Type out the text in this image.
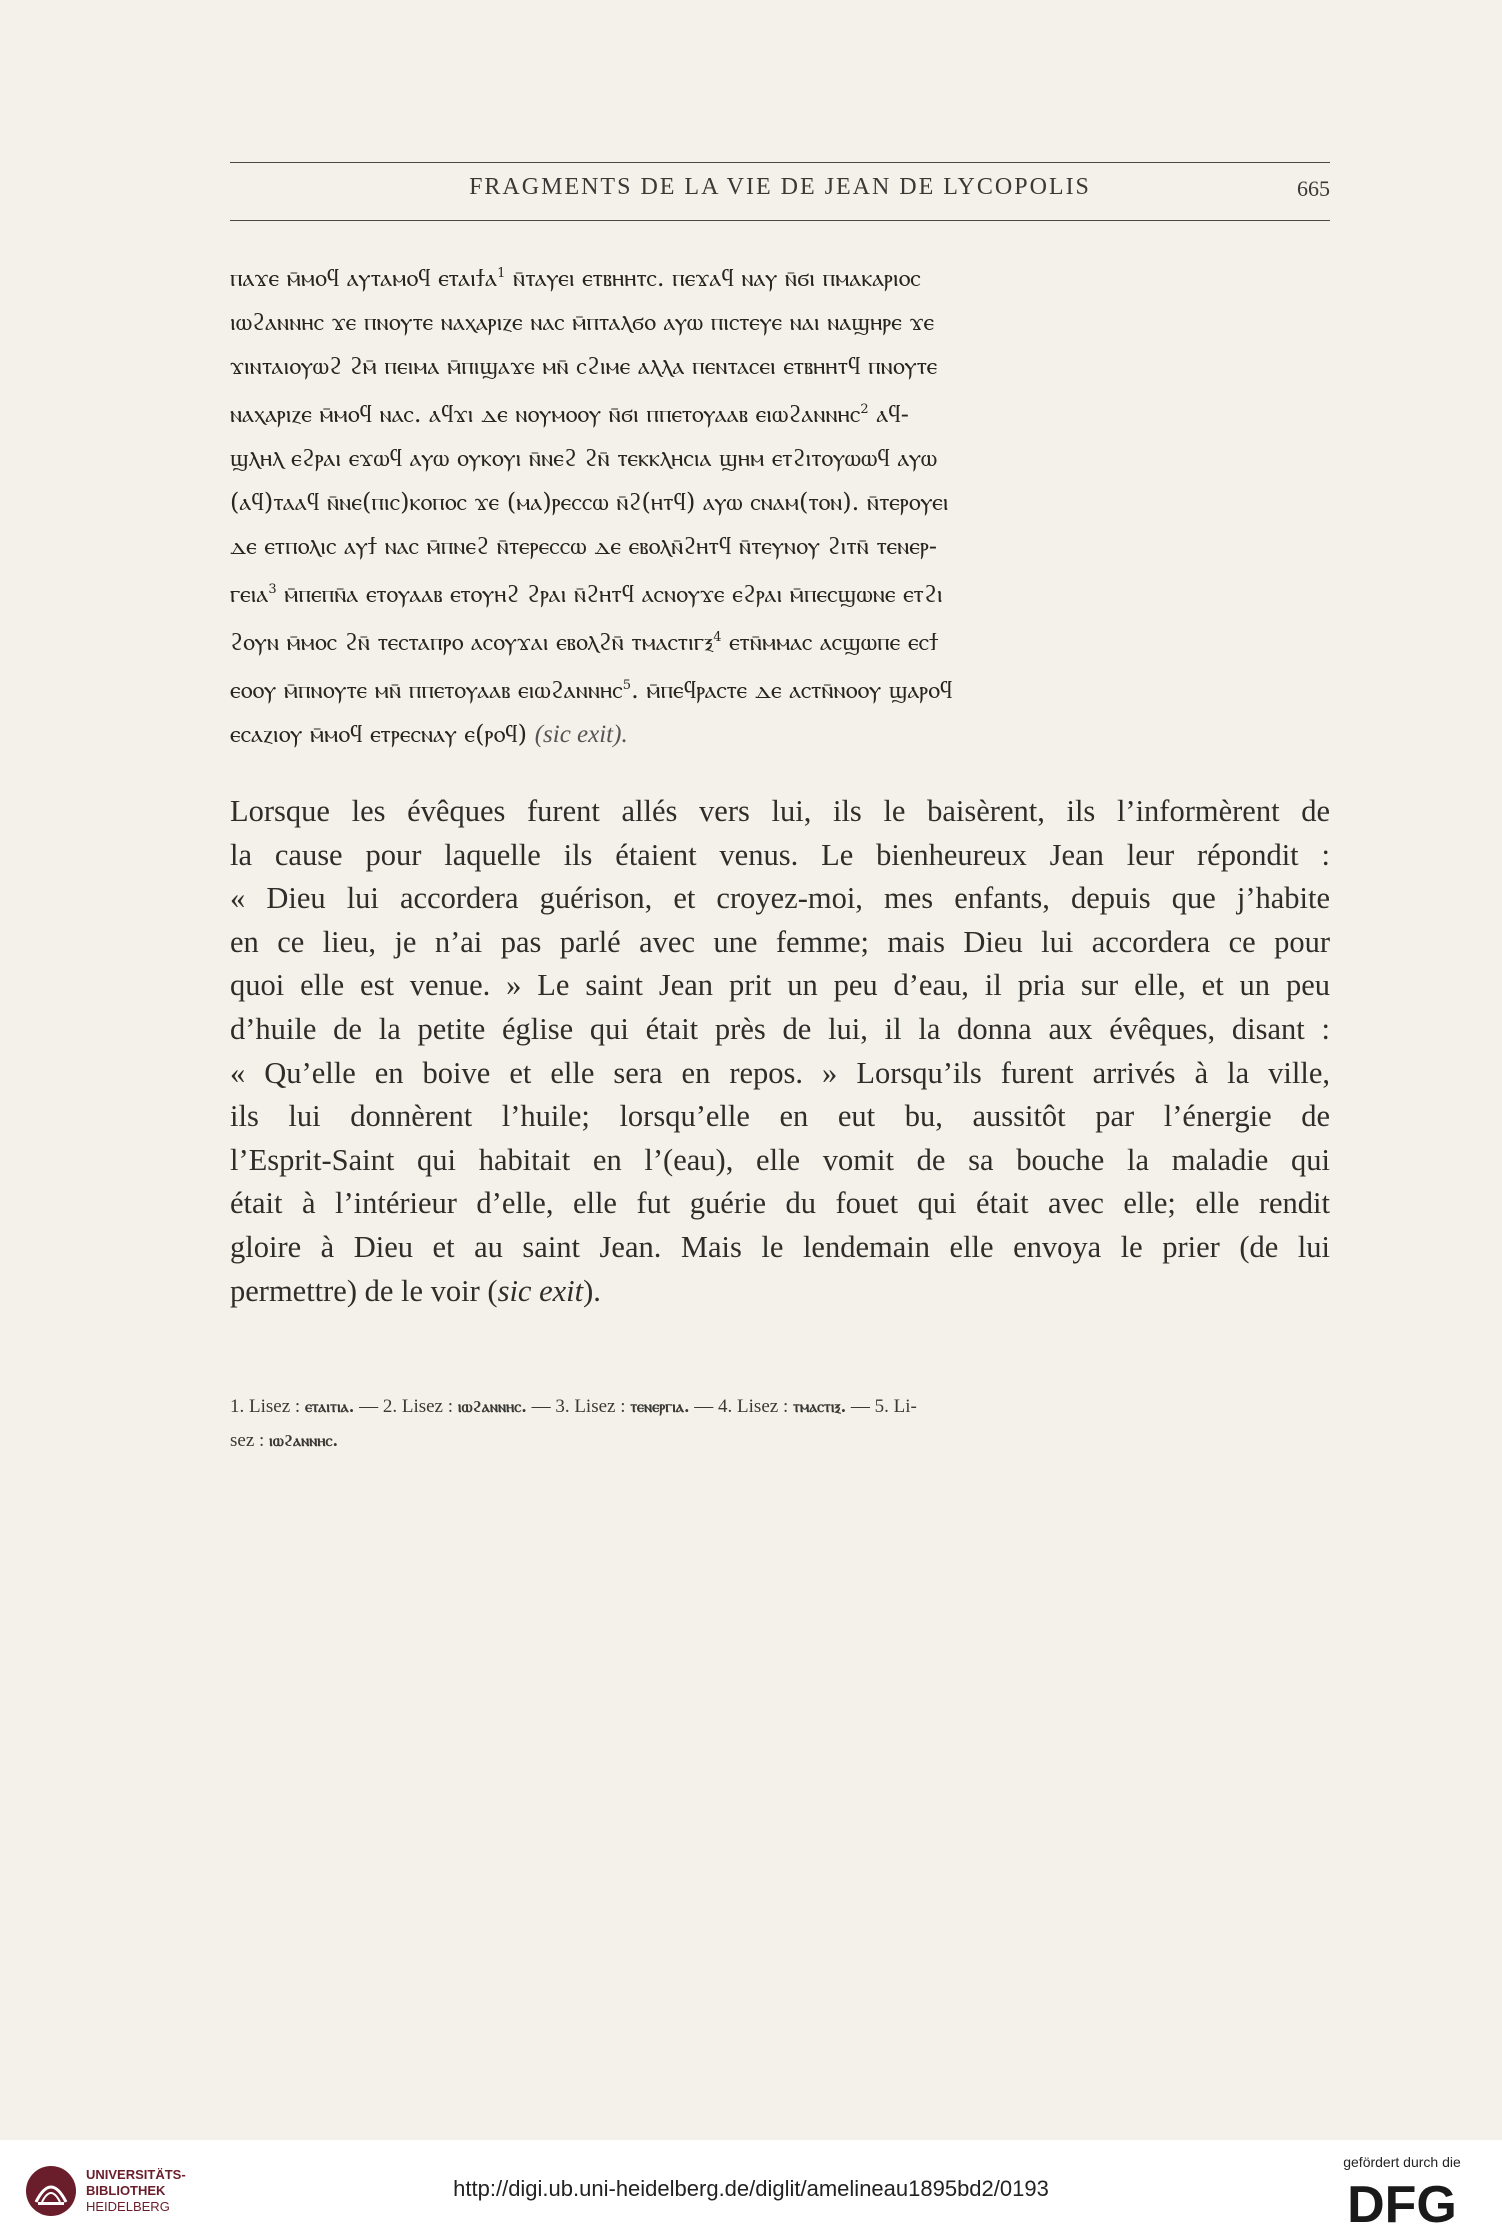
FRAGMENTS DE LA VIE DE JEAN DE LYCOPOLIS	665
ⲡⲁϫⲉ ⲙ̄ⲙⲟϥ ⲁⲩⲧⲁⲙⲟϥ ⲉⲧⲁⲓϯⲁ$^1$ ⲛ̄ⲧⲁⲩⲉⲓ ⲉⲧⲃⲏⲏⲧⲥ. ⲡⲉϫⲁϥ ⲛⲁⲩ ⲛ̄ϭⲓ ⲡⲙⲁⲕⲁⲣⲓⲟⲥ
ⲓⲱϩⲁⲛⲛⲏⲥ ϫⲉ ⲡⲛⲟⲩⲧⲉ ⲛⲁⲭⲁⲣⲓⲍⲉ ⲛⲁⲥ ⲙ̄ⲡⲧⲁⲗϭⲟ ⲁⲩⲱ ⲡⲓⲥⲧⲉⲩⲉ ⲛⲁⲓ ⲛⲁϣⲏⲣⲉ ϫⲉ
ϫⲓⲛⲧⲁⲓⲟⲩⲱϩ ϩⲙ̄ ⲡⲉⲓⲙⲁ ⲙ̄ⲡⲓϣⲁϫⲉ ⲙⲛ̄ ⲥϩⲓⲙⲉ ⲁⲗⲗⲁ ⲡⲉⲛⲧⲁⲥⲉⲓ ⲉⲧⲃⲏⲏⲧϥ ⲡⲛⲟⲩⲧⲉ
ⲛⲁⲭⲁⲣⲓⲍⲉ ⲙ̄ⲙⲟϥ ⲛⲁⲥ. ⲁϥϫⲓ ⲇⲉ ⲛⲟⲩⲙⲟⲟⲩ ⲛ̄ϭⲓ ⲡⲡⲉⲧⲟⲩⲁⲁⲃ ⲉⲓⲱϩⲁⲛⲛⲏⲥ$^2$ ⲁϥ-
ϣⲗⲏⲗ ⲉϩⲣⲁⲓ ⲉϫⲱϥ ⲁⲩⲱ ⲟⲩⲕⲟⲩⲓ ⲛ̄ⲛⲉϩ ϩⲛ̄ ⲧⲉⲕⲕⲗⲏⲥⲓⲁ ϣⲏⲙ ⲉⲧϩⲓⲧⲟⲩⲱⲱϥ ⲁⲩⲱ
(ⲁϥ)ⲧⲁⲁϥ ⲛ̄ⲛⲉ(ⲡⲓⲥ)ⲕⲟⲡⲟⲥ ϫⲉ (ⲙⲁ)ⲣⲉⲥⲥⲱ ⲛ̄ϩ(ⲏⲧϥ) ⲁⲩⲱ ⲥⲛⲁⲙ(ⲧⲟⲛ). ⲛ̄ⲧⲉⲣⲟⲩⲉⲓ
ⲇⲉ ⲉⲧⲡⲟⲗⲓⲥ ⲁⲩϯ ⲛⲁⲥ ⲙ̄ⲡⲛⲉϩ ⲛ̄ⲧⲉⲣⲉⲥⲥⲱ ⲇⲉ ⲉⲃⲟⲗⲛ̄ϩⲏⲧϥ ⲛ̄ⲧⲉⲩⲛⲟⲩ ϩⲓⲧⲛ̄ ⲧⲉⲛⲉⲣ-
ⲅⲉⲓⲁ$^3$ ⲙ̄ⲡⲉⲡⲛ̄ⲁ ⲉⲧⲟⲩⲁⲁⲃ ⲉⲧⲟⲩⲏϩ ϩⲣⲁⲓ ⲛ̄ϩⲏⲧϥ ⲁⲥⲛⲟⲩϫⲉ ⲉϩⲣⲁⲓ ⲙ̄ⲡⲉⲥϣⲱⲛⲉ ⲉⲧϩⲓ
ϩⲟⲩⲛ ⲙ̄ⲙⲟⲥ ϩⲛ̄ ⲧⲉⲥⲧⲁⲡⲣⲟ ⲁⲥⲟⲩϫⲁⲓ ⲉⲃⲟⲗϩⲛ̄ ⲧⲙⲁⲥⲧⲓⲅⲝ$^4$ ⲉⲧⲛ̄ⲙⲙⲁⲥ ⲁⲥϣⲱⲡⲉ ⲉⲥϯ
ⲉⲟⲟⲩ ⲙ̄ⲡⲛⲟⲩⲧⲉ ⲙⲛ̄ ⲡⲡⲉⲧⲟⲩⲁⲁⲃ ⲉⲓⲱϩⲁⲛⲛⲏⲥ$^5$. ⲙ̄ⲡⲉϥⲣⲁⲥⲧⲉ ⲇⲉ ⲁⲥⲧⲛ̄ⲛⲟⲟⲩ ϣⲁⲣⲟϥ
ⲉⲥⲁⲍⲓⲟⲩ ⲙ̄ⲙⲟϥ ⲉⲧⲣⲉⲥⲛⲁⲩ ⲉ(ⲣⲟϥ) (sic exit).
Lorsque les évêques furent allés vers lui, ils le baisèrent, ils l’informèrent de
la cause pour laquelle ils étaient venus. Le bienheureux Jean leur répondit :
« Dieu lui accordera guérison, et croyez-moi, mes enfants, depuis que j’habite
en ce lieu, je n’ai pas parlé avec une femme; mais Dieu lui accordera ce pour
quoi elle est venue. » Le saint Jean prit un peu d’eau, il pria sur elle, et un peu
d’huile de la petite église qui était près de lui, il la donna aux évêques, disant :
« Qu’elle en boive et elle sera en repos. » Lorsqu’ils furent arrivés à la ville,
ils lui donnèrent l’huile; lorsqu’elle en eut bu, aussitôt par l’énergie de
l’Esprit-Saint qui habitait en l’(eau), elle vomit de sa bouche la maladie qui
était à l’intérieur d’elle, elle fut guérie du fouet qui était avec elle; elle rendit
gloire à Dieu et au saint Jean. Mais le lendemain elle envoya le prier (de lui
permettre) de le voir (sic exit).
1. Lisez : ⲉⲧⲁⲓⲧⲓⲁ. — 2. Lisez : ⲓⲱϩⲁⲛⲛⲏⲥ. — 3. Lisez : ⲧⲉⲛⲉⲣⲅⲓⲁ. — 4. Lisez : ⲧⲙⲁⲥⲧⲓⲝ. — 5. Li-
sez : ⲓⲱϩⲁⲛⲛⲏⲥ.
UNIVERSITÄTS-
BIBLIOTHEK
HEIDELBERG
http://digi.ub.uni-heidelberg.de/diglit/amelineau1895bd2/0193
gefördert durch die
DFG
